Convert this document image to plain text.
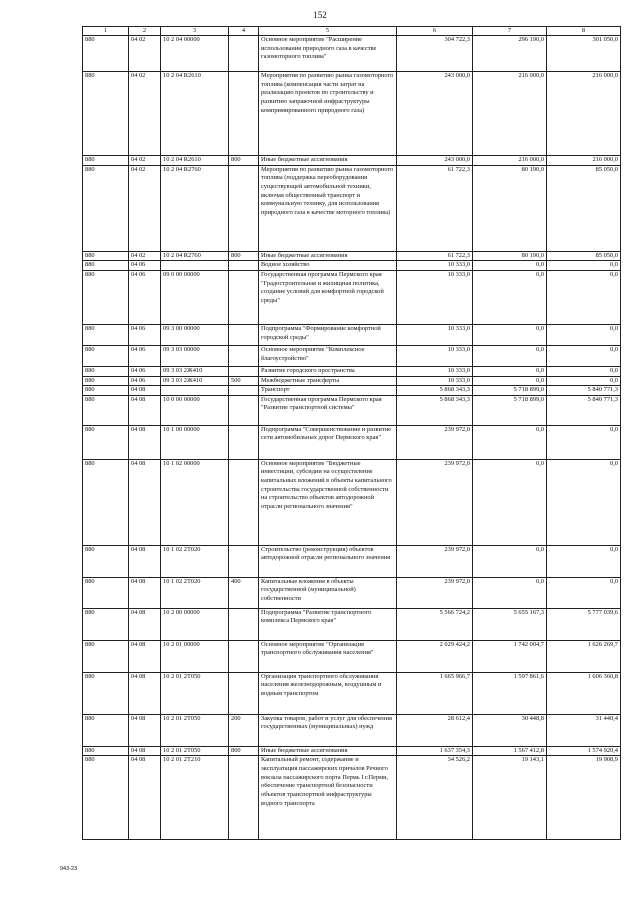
152
1	2	3	4	5	6	7	8
880	04 02	10 2 04 00000		Основное мероприятие "Расширение использования природного газа в качестве газомоторного топлива"	304 722,3	296 190,0	301 050,0
880	04 02	10 2 04 R2610		Мероприятия по развитию рынка газомоторного топлива (компенсация части затрат на реализацию проектов по строительству и развитию заправочной инфраструктуры компримированного природного газа)	243 000,0	216 000,0	216 000,0
880	04 02	10 2 04 R2610	800	Иные бюджетные ассигнования	243 000,0	216 000,0	216 000,0
880	04 02	10 2 04 R2760		Мероприятия по развитию рынка газомоторного топлива (поддержка переоборудования существующей автомобильной техники, включая общественный транспорт и коммунальную технику, для использования природного газа в качестве моторного топлива)	61 722,3	80 190,0	85 050,0
880	04 02	10 2 04 R2760	800	Иные бюджетные ассигнования	61 722,3	80 190,0	85 050,0
880	04 06			Водное хозяйство	10 333,0	0,0	0,0
880	04 06	09 0 00 00000		Государственная программа Пермского края "Градостроительная и жилищная политика, создание условий для комфортной городской среды"	10 333,0	0,0	0,0
880	04 06	09 3 00 00000		Подпрограмма "Формирование комфортной городской среды"	10 333,0	0,0	0,0
880	04 06	09 3 03 00000		Основное мероприятие "Комплексное благоустройство"	10 333,0	0,0	0,0
880	04 06	09 3 03 2Ж410		Развитие городского пространства	10 333,0	0,0	0,0
880	04 06	09 3 03 2Ж410	500	Межбюджетные трансферты	10 333,0	0,0	0,0
880	04 08			Транспорт	5 868 343,3	5 718 899,0	5 840 771,3
880	04 08	10 0 00 00000		Государственная программа Пермского края "Развитие транспортной системы"	5 868 343,3	5 718 899,0	5 840 771,3
880	04 08	10 1 00 00000		Подпрограмма "Совершенствование и развитие сети автомобильных дорог Пермского края"	239 972,0	0,0	0,0
880	04 08	10 1 02 00000		Основное мероприятие "Бюджетные инвестиции, субсидии на осуществление капитальных вложений в объекты капитального строительства государственной собственности на строительство объектов автодорожной отрасли регионального значения"	239 972,0	0,0	0,0
880	04 08	10 1 02 2Т020		Строительство (реконструкция) объектов автодорожной отрасли регионального значения	239 972,0	0,0	0,0
880	04 08	10 1 02 2Т020	400	Капитальные вложения в объекты государственной (муниципальной) собственности	239 972,0	0,0	0,0
880	04 08	10 2 00 00000		Подпрограмма "Развитие транспортного комплекса Пермского края"	5 566 724,2	5 655 167,3	5 777 039,6
880	04 08	10 2 01 00000		Основное мероприятие "Организация транспортного обслуживания населения"	2 029 424,2	1 742 004,7	1 626 269,7
880	04 08	10 2 01 2Т050		Организация транспортного обслуживания населения железнодорожным, воздушным и водным транспортом	1 665 966,7	1 597 861,6	1 606 360,8
880	04 08	10 2 01 2Т050	200	Закупка товаров, работ и услуг для обеспечения государственных (муниципальных) нужд	28 612,4	30 448,8	31 440,4
880	04 08	10 2 01 2Т050	800	Иные бюджетные ассигнования	1 637 354,3	1 567 412,8	1 574 920,4
880	04 08	10 2 01 2Т210		Капитальный ремонт, содержание и эксплуатация пассажирских причалов Речного вокзала пассажирского порта Пермь I г.Перми, обеспечение транспортной безопасности объектов транспортной инфраструктуры водного транспорта	34 526,2	19 143,1	19 908,9
943-23
